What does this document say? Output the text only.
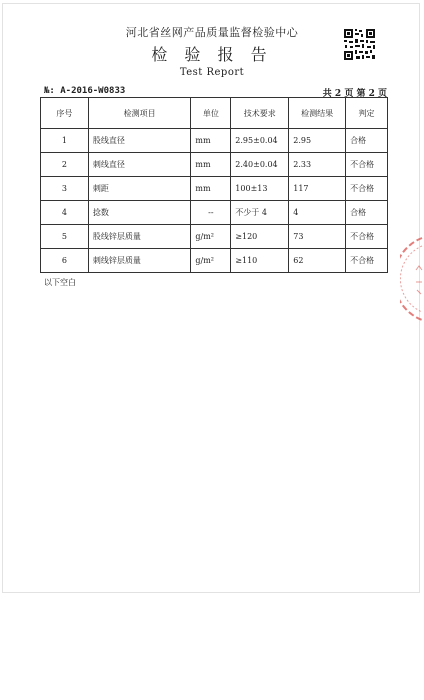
河北省丝网产品质量监督检验中心
检 验 报 告
Test Report
№: A-2016-W0833	共 2 页 第 2 页
序号	检测项目	单位	技术要求	检测结果	判定
1	股线直径	mm	2.95±0.04	2.95	合格
2	刺线直径	mm	2.40±0.04	2.33	不合格
3	刺距	mm	100±13	117	不合格
4	捻数	--	不少于 4	4	合格
5	股线锌层质量	g/m²	≥120	73	不合格
6	刺线锌层质量	g/m²	≥110	62	不合格
以下空白
